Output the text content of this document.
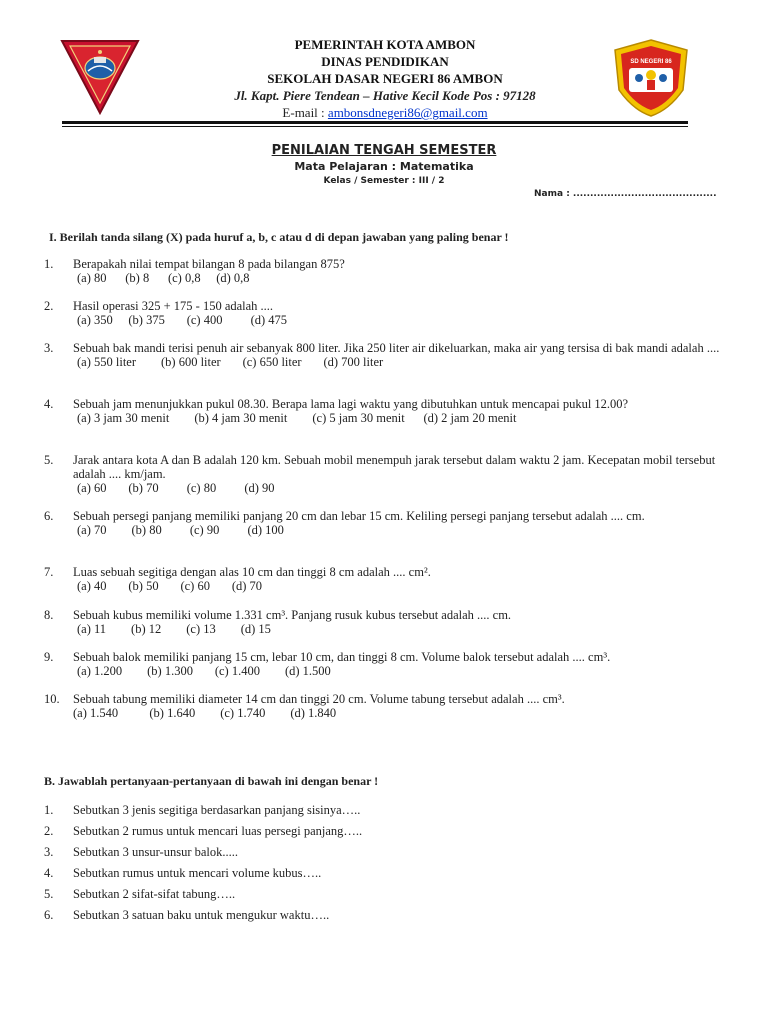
PEMERINTAH KOTA AMBON
DINAS PENDIDIKAN
SEKOLAH DASAR NEGERI 86 AMBON
Jl. Kapt. Piere Tendean – Hative Kecil Kode Pos : 97128
E-mail : ambonsdnegeri86@gmail.com
SD NEGERI 86
PENILAIAN TENGAH SEMESTER
Mata Pelajaran : Matematika
Kelas / Semester : III / 2
Nama : ..........................................
I. Berilah tanda silang (X) pada huruf a, b, c atau d di depan jawaban yang paling benar !
1.	Berapakah nilai tempat bilangan 8 pada bilangan 875?
(a) 80      (b) 8      (c) 0,8     (d) 0,8
2.	Hasil operasi 325 + 175 - 150 adalah ....
(a) 350     (b) 375       (c) 400         (d) 475
3.	Sebuah bak mandi terisi penuh air sebanyak 800 liter. Jika 250 liter air dikeluarkan, maka air yang tersisa di bak mandi adalah ....
(a) 550 liter        (b) 600 liter       (c) 650 liter       (d) 700 liter
4.	Sebuah jam menunjukkan pukul 08.30. Berapa lama lagi waktu yang dibutuhkan untuk mencapai pukul 12.00?
(a) 3 jam 30 menit        (b) 4 jam 30 menit        (c) 5 jam 30 menit      (d) 2 jam 20 menit
5.	Jarak antara kota A dan B adalah 120 km. Sebuah mobil menempuh jarak tersebut dalam waktu 2 jam. Kecepatan mobil tersebut adalah .... km/jam.
(a) 60       (b) 70         (c) 80         (d) 90
6.	Sebuah persegi panjang memiliki panjang 20 cm dan lebar 15 cm. Keliling persegi panjang tersebut adalah .... cm.
(a) 70        (b) 80         (c) 90         (d) 100
7.	Luas sebuah segitiga dengan alas 10 cm dan tinggi 8 cm adalah .... cm².
(a) 40       (b) 50       (c) 60       (d) 70
8.	Sebuah kubus memiliki volume 1.331 cm³. Panjang rusuk kubus tersebut adalah .... cm.
(a) 11        (b) 12        (c) 13        (d) 15
9.	Sebuah balok memiliki panjang 15 cm, lebar 10 cm, dan tinggi 8 cm. Volume balok tersebut adalah .... cm³.
(a) 1.200        (b) 1.300       (c) 1.400        (d) 1.500
10.	Sebuah tabung memiliki diameter 14 cm dan tinggi 20 cm. Volume tabung tersebut adalah .... cm³.
(a) 1.540          (b) 1.640        (c) 1.740        (d) 1.840
B. Jawablah pertanyaan-pertanyaan di bawah ini dengan benar !
1.	Sebutkan 3 jenis segitiga berdasarkan panjang sisinya…..
2.	Sebutkan 2 rumus untuk mencari luas persegi panjang…..
3.	Sebutkan 3 unsur-unsur balok.....
4.	Sebutkan rumus untuk mencari volume kubus…..
5.	Sebutkan 2 sifat-sifat tabung…..
6.	Sebutkan 3 satuan baku untuk mengukur waktu…..
